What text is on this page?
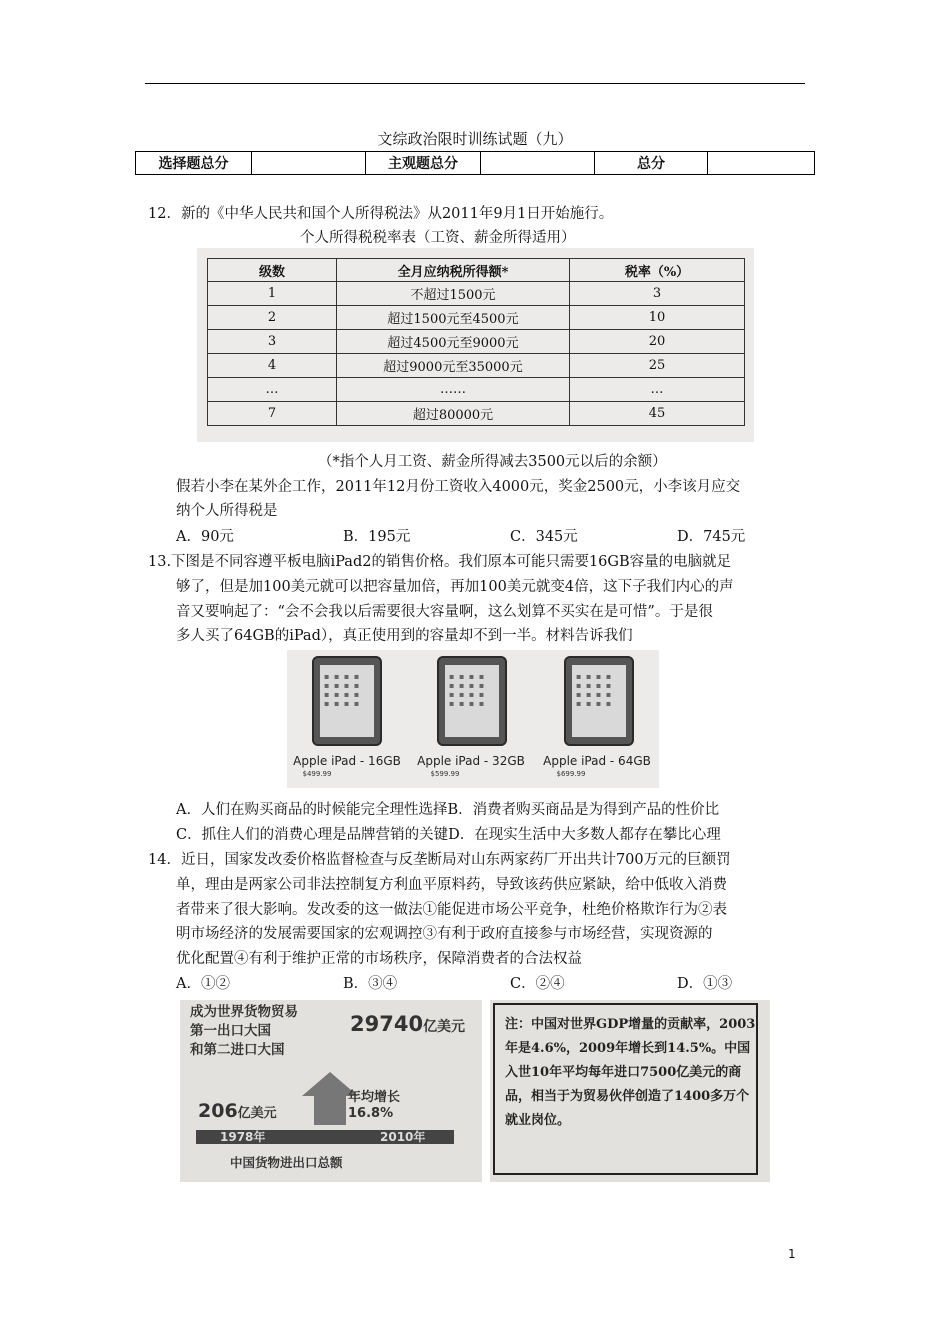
文综政治限时训练试题（九）
选择题总分		主观题总分		总分	
12．新的《中华人民共和国个人所得税法》从2011年9月1日开始施行。
个人所得税税率表（工资、薪金所得适用）
级数	全月应纳税所得额*	税率（%）
1	不超过1500元	3
2	超过1500元至4500元	10
3	超过4500元至9000元	20
4	超过9000元至35000元	25
…	……	…
7	超过80000元	45
（*指个人月工资、薪金所得减去3500元以后的余额）
假若小李在某外企工作，2011年12月份工资收入4000元，奖金2500元，小李该月应交
纳个人所得税是
A．90元	B．195元	C．345元	D．745元
13.下图是不同容遵平板电脑iPad2的销售价格。我们原本可能只需要16GB容量的电脑就足
够了，但是加100美元就可以把容量加倍，再加100美元就变4倍，这下子我们内心的声
音又要响起了：“会不会我以后需要很大容量啊，这么划算不买实在是可惜”。于是很
多人买了64GB的iPad），真正使用到的容量却不到一半。材料告诉我们
▪ ▪ ▪ ▪
▪ ▪ ▪ ▪
▪ ▪ ▪ ▪
▪ ▪ ▪ ▪
▪ ▪ ▪ ▪
▪ ▪ ▪ ▪
▪ ▪ ▪ ▪
▪ ▪ ▪ ▪
▪ ▪ ▪ ▪
▪ ▪ ▪ ▪
▪ ▪ ▪ ▪
▪ ▪ ▪ ▪
Apple iPad - 16GB	Apple iPad - 32GB	Apple iPad - 64GB
$499.99	$599.99	$699.99
A．人们在购买商品的时候能完全理性选择B．消费者购买商品是为得到产品的性价比
C．抓住人们的消费心理是品牌营销的关键D．在现实生活中大多数人都存在攀比心理
14．近日，国家发改委价格监督检查与反垄断局对山东两家药厂开出共计700万元的巨额罚
单，理由是两家公司非法控制复方利血平原料药，导致该药供应紧缺，给中低收入消费
者带来了很大影响。发改委的这一做法①能促进市场公平竞争，杜绝价格欺诈行为②表
明市场经济的发展需要国家的宏观调控③有利于政府直接参与市场经营，实现资源的
优化配置④有利于维护正常的市场秩序，保障消费者的合法权益
A．①②	B．③④	C．②④	D．①③
成为世界货物贸易
第一出口大国
和第二进口大国
29740亿美元
年均增长
16.8%
206亿美元
1978年	2010年
中国货物进出口总额
注：中国对世界GDP增量的贡献率，2003年是4.6%，2009年增长到14.5%。中国入世10年平均每年进口7500亿美元的商品，相当于为贸易伙伴创造了1400多万个就业岗位。
1
